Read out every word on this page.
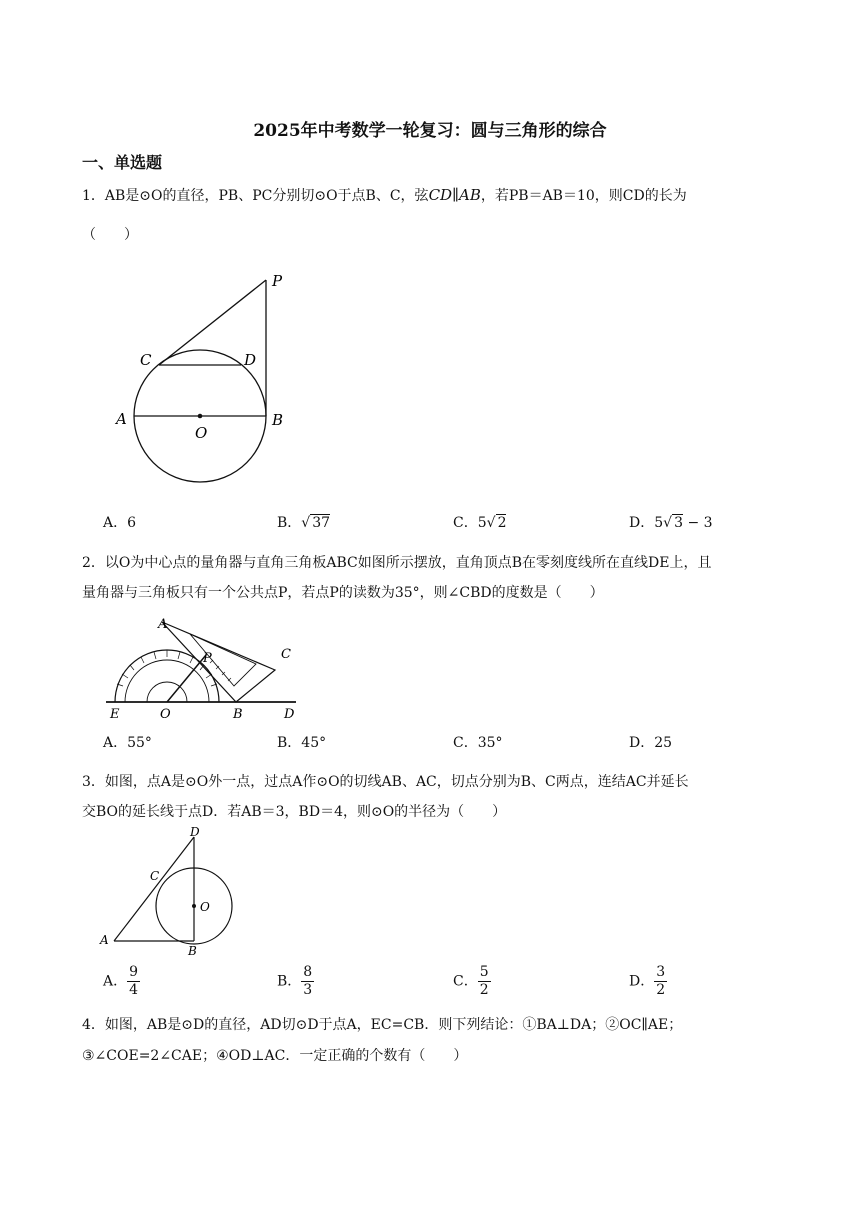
2025年中考数学一轮复习：圆与三角形的综合
一、单选题
1．AB是⊙O的直径，PB、PC分别切⊙O于点B、C，弦CD∥AB，若PB＝AB＝10，则CD的长为
（　　）
P
C	D
A
O
B
A．6	B．√ 37	C．5√ 2	D．5√ 3 − 3
2．以O为中心点的量角器与直角三角板ABC如图所示摆放，直角顶点B在零刻度线所在直线DE上，且
量角器与三角板只有一个公共点P，若点P的读数为35°，则∠CBD的度数是（　　）
A
P	C
E	O	B	D
A．55°	B．45°	C．35°	D．25
3．如图，点A是⊙O外一点，过点A作⊙O的切线AB、AC，切点分别为B、C两点，连结AC并延长
交BO的延长线于点D．若AB＝3，BD＝4，则⊙O的半径为（　　）
D
C
O
A
B
A． $\frac{9}{4}$	B． $\frac{8}{3}$	C． $\frac{5}{2}$	D． $\frac{3}{2}$
4．如图，AB是⊙D的直径，AD切⊙D于点A，EC=CB．则下列结论：①BA⊥DA；②OC∥AE；
③∠COE=2∠CAE；④OD⊥AC．一定正确的个数有（　　）
